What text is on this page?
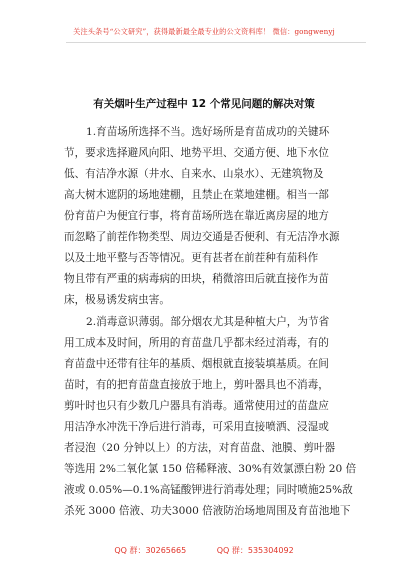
关注头条号“公文研究”，获得最新最全最专业的公文资料库！ 微信：gongwenyj
有关烟叶生产过程中 12 个常见问题的解决对策
1.育苗场所选择不当。选好场所是育苗成功的关键环
节，要求选择避风向阳、地势平坦、交通方便、地下水位
低、有洁净水源（井水、自来水、山泉水）、无建筑物及
高大树木遮阴的场地建棚，且禁止在菜地建棚。相当一部
份育苗户为便宜行事，将育苗场所选在靠近离房屋的地方
而忽略了前茬作物类型、周边交通是否便利、有无洁净水源
以及土地平整与否等情况。更有甚者在前茬种有茄科作
物且带有严重的病毒病的田块，稍微溶田后就直接作为苗
床，极易诱发病虫害。
2.消毒意识薄弱。部分烟农尤其是种植大户，为节省
用工成本及时间，所用的育苗盘几乎都未经过消毒，有的
育苗盘中还带有往年的基质、烟根就直接装填基质。在间
苗时，有的把育苗盘直接放于地上，剪叶器具也不消毒，
剪叶时也只有少数几户器具有消毒。通常使用过的苗盘应
用洁净水冲洗干净后进行消毒，可采用直接喷洒、浸湿或
者浸泡（20 分钟以上）的方法，对育苗盘、池膜、剪叶器
等选用 2%二氧化氯 150 倍稀释液、30%有效氯漂白粉 20 倍
液或 0.05%—0.1%高锰酸钾进行消毒处理；同时喷施25%敌
杀死 3000 倍液、功夫3000 倍液防治场地周围及育苗池地下
QQ 群：30265665	QQ 群：535304092
